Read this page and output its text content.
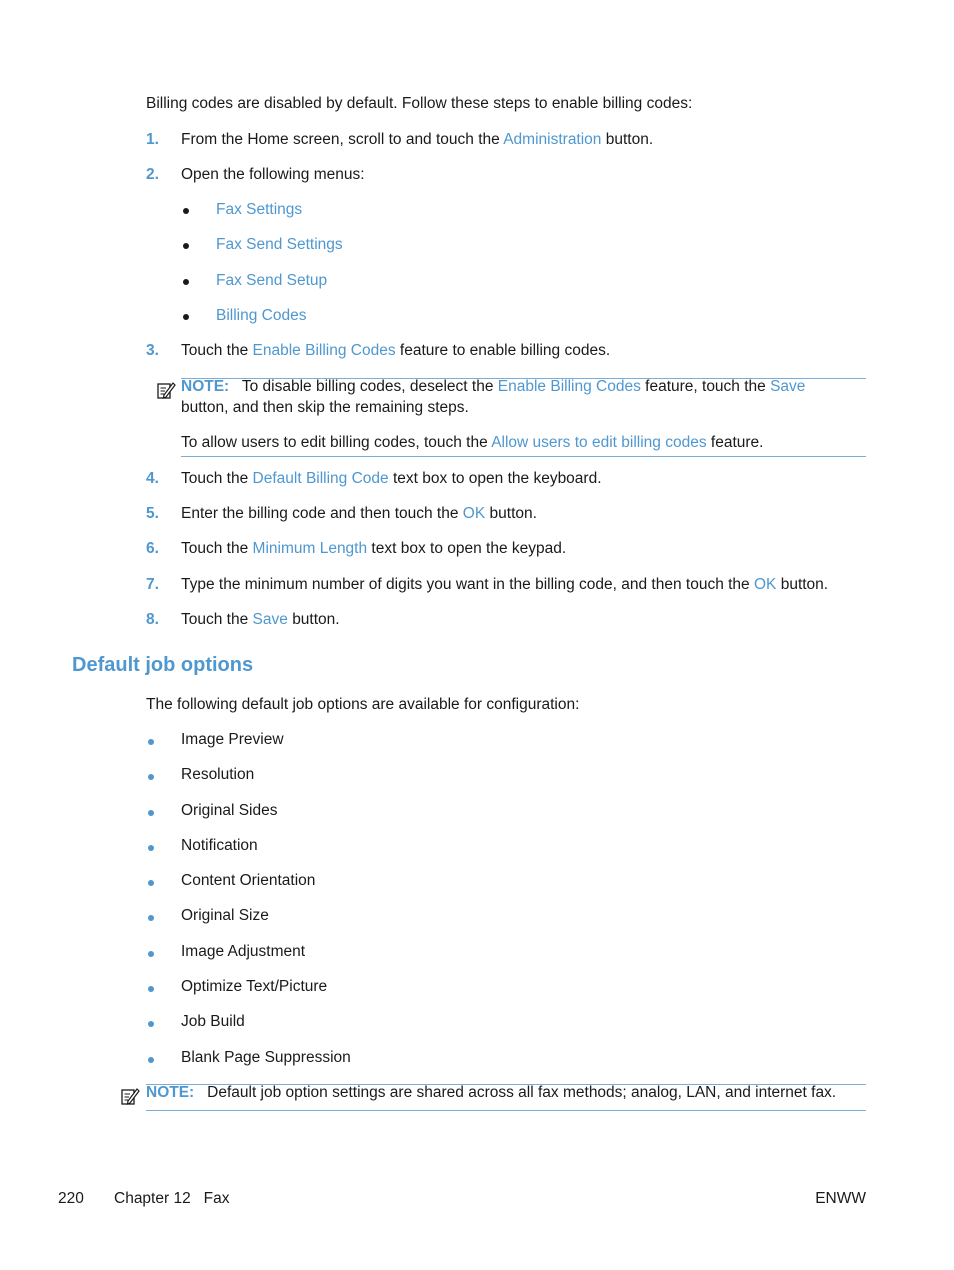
Billing codes are disabled by default. Follow these steps to enable billing codes:
1. From the Home screen, scroll to and touch the Administration button.
2. Open the following menus:
Fax Settings
Fax Send Settings
Fax Send Setup
Billing Codes
3. Touch the Enable Billing Codes feature to enable billing codes.
NOTE: To disable billing codes, deselect the Enable Billing Codes feature, touch the Save
button, and then skip the remaining steps.
To allow users to edit billing codes, touch the Allow users to edit billing codes feature.
4. Touch the Default Billing Code text box to open the keyboard.
5. Enter the billing code and then touch the OK button.
6. Touch the Minimum Length text box to open the keypad.
7. Type the minimum number of digits you want in the billing code, and then touch the OK button.
8. Touch the Save button.
Default job options
The following default job options are available for configuration:
Image Preview
Resolution
Original Sides
Notification
Content Orientation
Original Size
Image Adjustment
Optimize Text/Picture
Job Build
Blank Page Suppression
NOTE: Default job option settings are shared across all fax methods; analog, LAN, and internet fax.
220 Chapter 12   Fax	ENWW
